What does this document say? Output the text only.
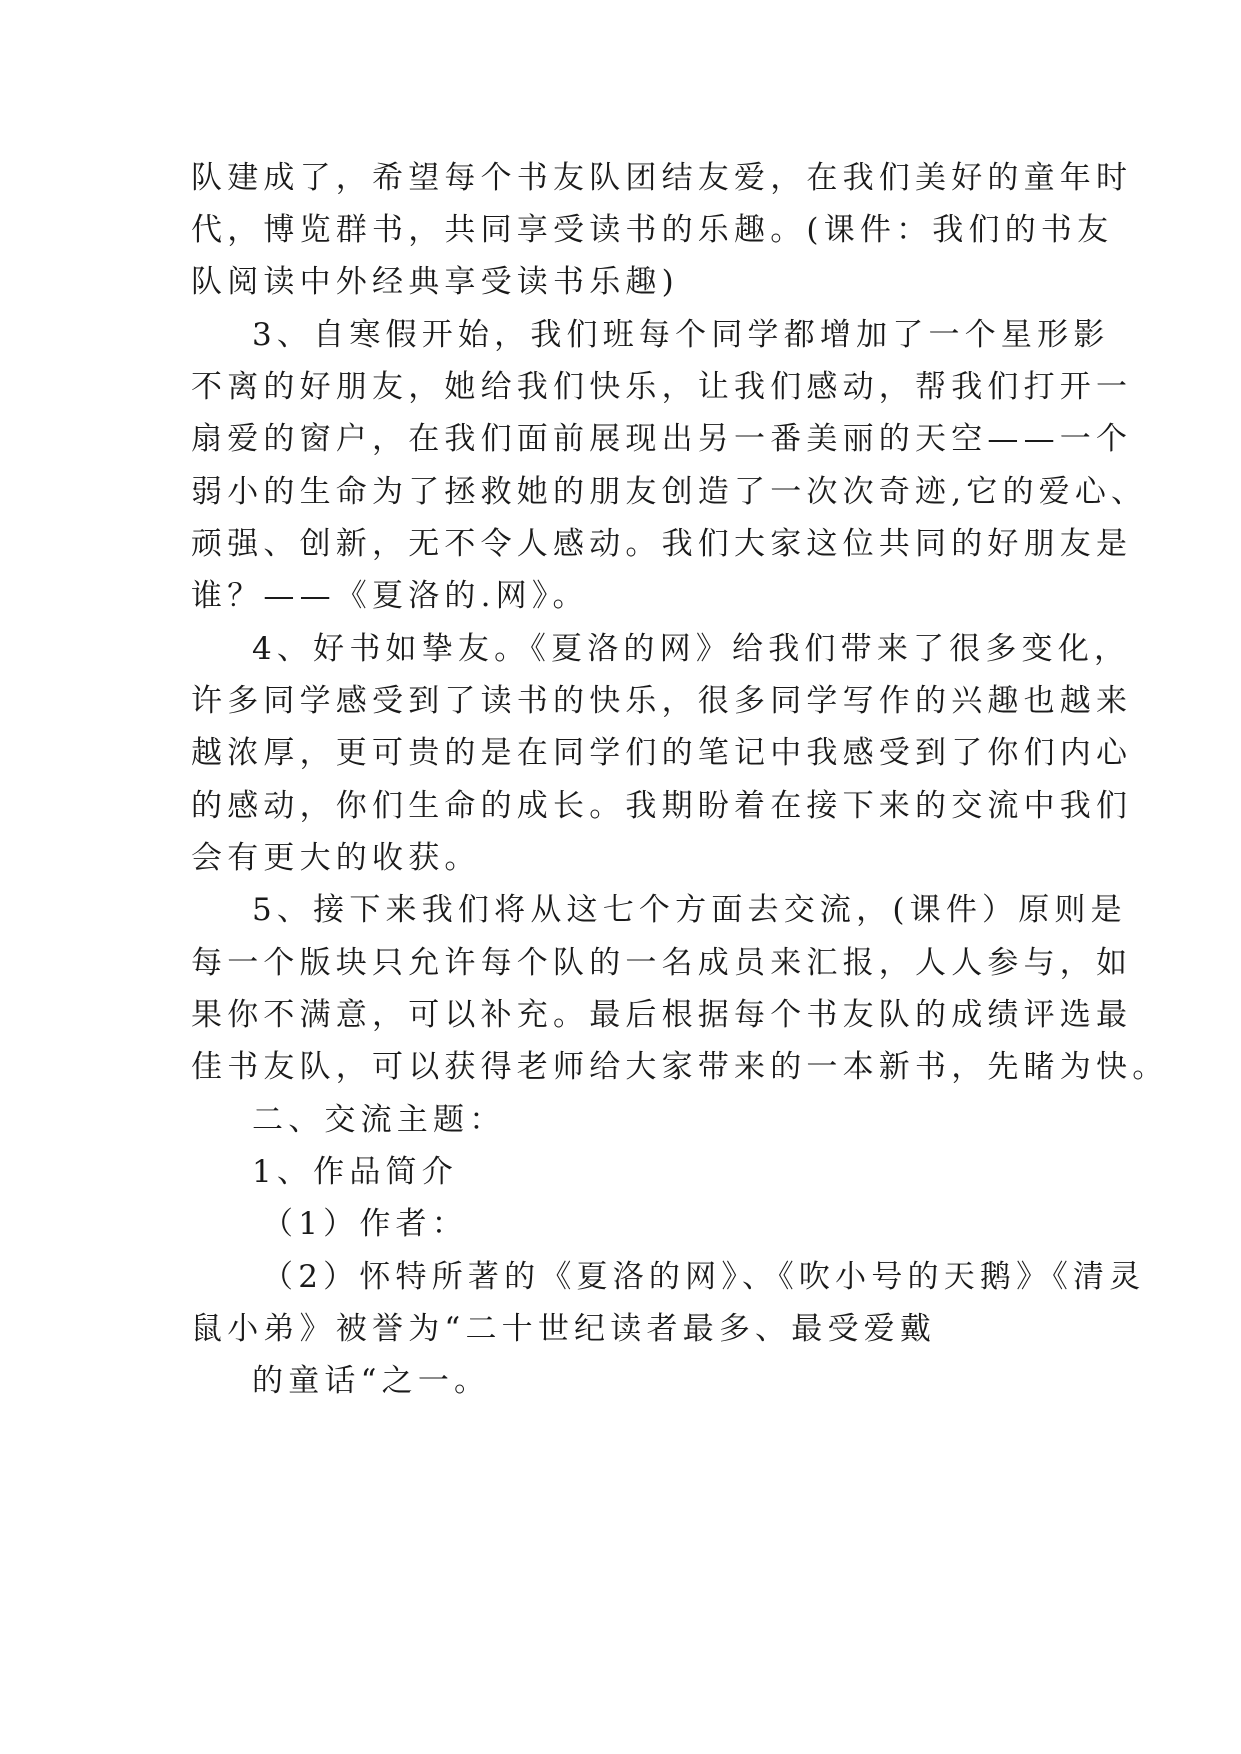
队建成了，希望每个书友队团结友爱，在我们美好的童年时
代，博览群书，共同享受读书的乐趣。(课件：我们的书友
队阅读中外经典享受读书乐趣)
3、自寒假开始，我们班每个同学都增加了一个星形影
不离的好朋友，她给我们快乐，让我们感动，帮我们打开一
扇爱的窗户，在我们面前展现出另一番美丽的天空——一个
弱小的生命为了拯救她的朋友创造了一次次奇迹,它的爱心、
顽强、创新，无不令人感动。我们大家这位共同的好朋友是
谁？——《夏洛的.网》。
4、好书如挚友。《夏洛的网》给我们带来了很多变化，
许多同学感受到了读书的快乐，很多同学写作的兴趣也越来
越浓厚，更可贵的是在同学们的笔记中我感受到了你们内心
的感动，你们生命的成长。我期盼着在接下来的交流中我们
会有更大的收获。
5、接下来我们将从这七个方面去交流，(课件）原则是
每一个版块只允许每个队的一名成员来汇报，人人参与，如
果你不满意，可以补充。最后根据每个书友队的成绩评选最
佳书友队，可以获得老师给大家带来的一本新书，先睹为快。
二、交流主题：
1、作品简介
（1）作者：
（2）怀特所著的《夏洛的网》、《吹小号的天鹅》《清灵
鼠小弟》被誉为“二十世纪读者最多、最受爱戴
的童话“之一。
